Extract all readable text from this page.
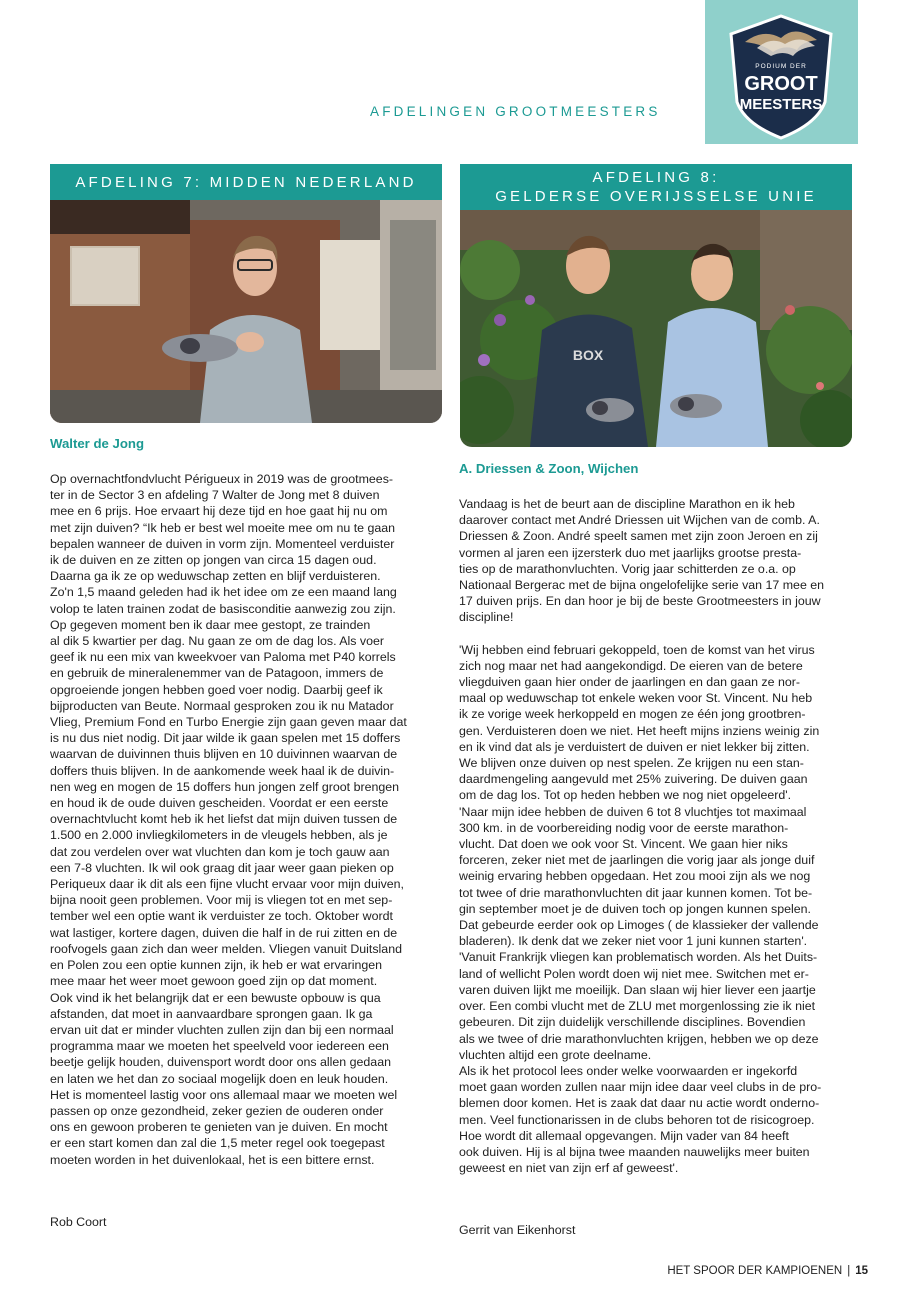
AFDELINGEN GROOTMEESTERS
PODIUM DER
GROOT
MEESTERS
AFDELING 7: MIDDEN NEDERLAND
Walter de Jong

Op overnachtfondvlucht Périgueux in 2019 was de grootmees-

ter in de Sector 3 en afdeling 7 Walter de Jong met 8 duiven

mee en 6 prijs. Hoe ervaart hij deze tijd en hoe gaat hij nu om

met zijn duiven? “Ik heb er best wel moeite mee om nu te gaan

bepalen wanneer de duiven in vorm zijn. Momenteel verduister

ik de duiven en ze zitten op jongen van circa 15 dagen oud.

Daarna ga ik ze op weduwschap zetten en blijf verduisteren.

Zo'n 1,5 maand geleden had ik het idee om ze een maand lang

volop te laten trainen zodat de basisconditie aanwezig zou zijn.

Op gegeven moment ben ik daar mee gestopt, ze trainden

al dik 5 kwartier per dag. Nu gaan ze om de dag los. Als voer

geef ik nu een mix van kweekvoer van Paloma met P40 korrels

en gebruik de mineralenemmer van de Patagoon, immers de

opgroeiende jongen hebben goed voer nodig. Daarbij geef ik

bijproducten van Beute. Normaal gesproken zou ik nu Matador

Vlieg, Premium Fond en Turbo Energie zijn gaan geven maar dat

is nu dus niet nodig. Dit jaar wilde ik gaan spelen met 15 doffers

waarvan de duivinnen thuis blijven en 10 duivinnen waarvan de

doffers thuis blijven. In de aankomende week haal ik de duivin-

nen weg en mogen de 15 doffers hun jongen zelf groot brengen

en houd ik de oude duiven gescheiden. Voordat er een eerste

overnachtvlucht komt heb ik het liefst dat mijn duiven tussen de

1.500 en 2.000 invliegkilometers in de vleugels hebben, als je

dat zou verdelen over wat vluchten dan kom je toch gauw aan

een 7-8 vluchten. Ik wil ook graag dit jaar weer gaan pieken op

Periqueux daar ik dit als een fijne vlucht ervaar voor mijn duiven,

bijna nooit geen problemen. Voor mij is vliegen tot en met sep-

tember wel een optie want ik verduister ze toch. Oktober wordt

wat lastiger, kortere dagen, duiven die half in de rui zitten en de

roofvogels gaan zich dan weer melden. Vliegen vanuit Duitsland

en Polen zou een optie kunnen zijn, ik heb er wat ervaringen

mee maar het weer moet gewoon goed zijn op dat moment.

Ook vind ik het belangrijk dat er een bewuste opbouw is qua

afstanden, dat moet in aanvaardbare sprongen gaan. Ik ga

ervan uit dat er minder vluchten zullen zijn dan bij een normaal

programma maar we moeten het speelveld voor iedereen een

beetje gelijk houden, duivensport wordt door ons allen gedaan

en laten we het dan zo sociaal mogelijk doen en leuk houden.

Het is momenteel lastig voor ons allemaal maar we moeten wel

passen op onze gezondheid, zeker gezien de ouderen onder

ons en gewoon proberen te genieten van je duiven. En mocht

er een start komen dan zal die 1,5 meter regel ook toegepast

moeten worden in het duivenlokaal, het is een bittere ernst.

Rob Coort
AFDELING 8:
GELDERSE OVERIJSSELSE UNIE
BOX
A. Driessen & Zoon, Wijchen

Vandaag is het de beurt aan de discipline Marathon en ik heb

daarover contact met André Driessen uit Wijchen van de comb. A.

Driessen & Zoon. André speelt samen met zijn zoon Jeroen en zij

vormen al jaren een ijzersterk duo met jaarlijks grootse presta-

ties op de marathonvluchten. Vorig jaar schitterden ze o.a. op

Nationaal Bergerac met de bijna ongelofelijke serie van 17 mee en

17 duiven prijs. En dan hoor je bij de beste Grootmeesters in jouw

discipline!

'Wij hebben eind februari gekoppeld, toen de komst van het virus

zich nog maar net had aangekondigd. De eieren van de betere

vliegduiven gaan hier onder de jaarlingen en dan gaan ze nor-

maal op weduwschap tot enkele weken voor St. Vincent. Nu heb

ik ze vorige week herkoppeld en mogen ze één jong grootbren-

gen. Verduisteren doen we niet. Het heeft mijns inziens weinig zin

en ik vind dat als je verduistert de duiven er niet lekker bij zitten.

We blijven onze duiven op nest spelen. Ze krijgen nu een stan-

daardmengeling aangevuld met 25% zuivering. De duiven gaan

om de dag los. Tot op heden hebben we nog niet opgeleerd'.

'Naar mijn idee hebben de duiven 6 tot 8 vluchtjes tot maximaal

300 km. in de voorbereiding nodig voor de eerste marathon-

vlucht. Dat doen we ook voor St. Vincent. We gaan hier niks

forceren, zeker niet met de jaarlingen die vorig jaar als jonge duif

weinig ervaring hebben opgedaan. Het zou mooi zijn als we nog

tot twee of drie marathonvluchten dit jaar kunnen komen. Tot be-

gin september moet je de duiven toch op jongen kunnen spelen.

Dat gebeurde eerder ook op Limoges ( de klassieker der vallende

bladeren). Ik denk dat we zeker niet voor 1 juni kunnen starten'.

'Vanuit Frankrijk vliegen kan problematisch worden. Als het Duits-

land of wellicht Polen wordt doen wij niet mee. Switchen met er-

varen duiven lijkt me moeilijk. Dan slaan wij hier liever een jaartje

over. Een combi vlucht met de ZLU met morgenlossing zie ik niet

gebeuren. Dit zijn duidelijk verschillende disciplines. Bovendien

als we twee of drie marathonvluchten krijgen, hebben we op deze

vluchten altijd een grote deelname.

Als ik het protocol lees onder welke voorwaarden er ingekorfd

moet gaan worden zullen naar mijn idee daar veel clubs in de pro-

blemen door komen. Het is zaak dat daar nu actie wordt onderno-

men. Veel functionarissen in de clubs behoren tot de risicogroep.

Hoe wordt dit allemaal opgevangen. Mijn vader van 84 heeft

ook duiven. Hij is al bijna twee maanden nauwelijks meer buiten

geweest en niet van zijn erf af geweest'.

Gerrit van Eikenhorst
HET SPOOR DER KAMPIOENEN | 15
